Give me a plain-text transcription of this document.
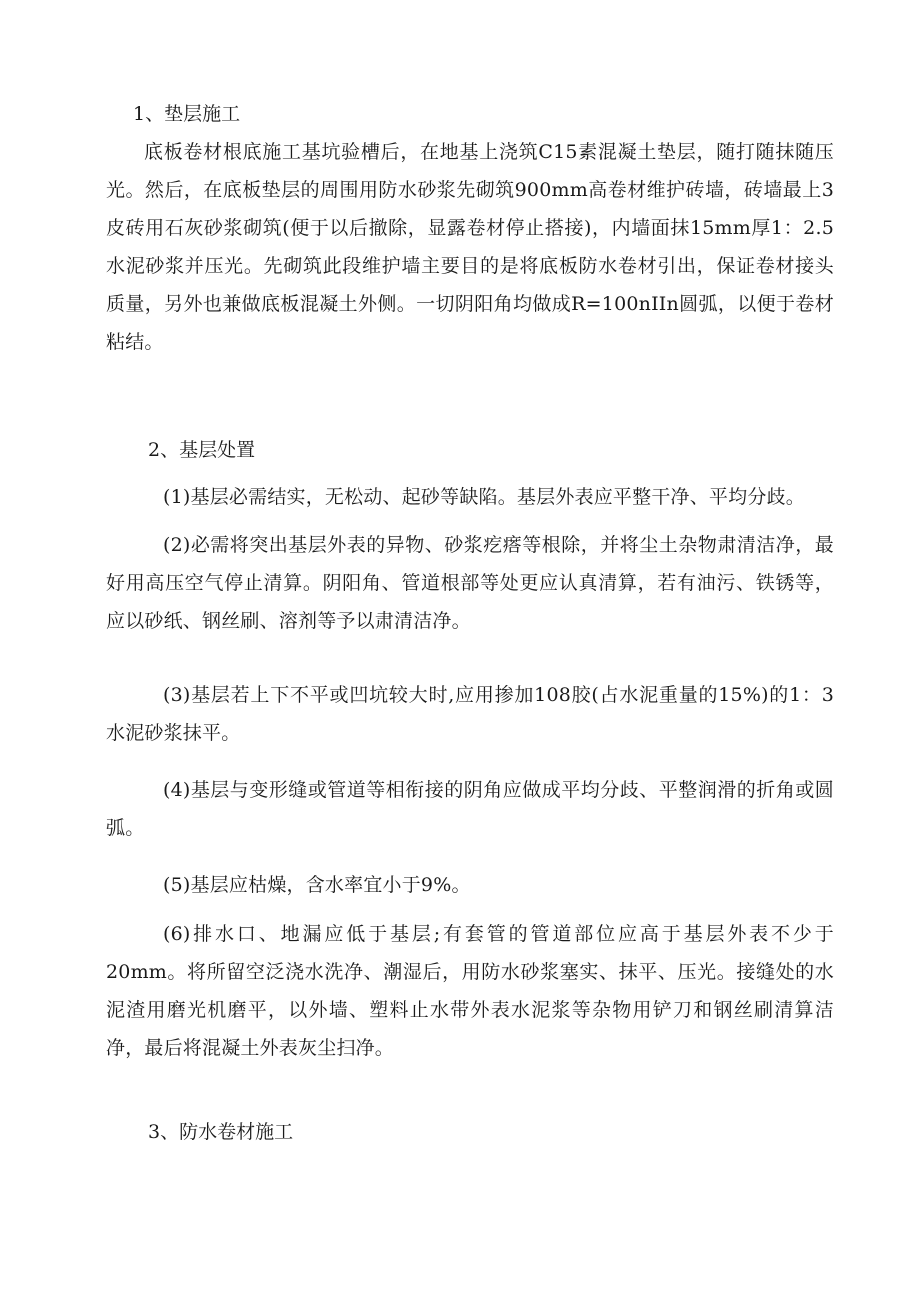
1、垫层施工

底板卷材根底施工基坑验槽后，在地基上浇筑C15素混凝土垫层，随打随抹随压光。然后，在底板垫层的周围用防水砂浆先砌筑900mm高卷材维护砖墙，砖墙最上3皮砖用石灰砂浆砌筑(便于以后撤除，显露卷材停止搭接)，内墙面抹15mm厚1：2.5水泥砂浆并压光。先砌筑此段维护墙主要目的是将底板防水卷材引出，保证卷材接头质量，另外也兼做底板混凝土外侧。一切阴阳角均做成R=100nIIn圆弧，以便于卷材粘结。

2、基层处置

(1)基层必需结实，无松动、起砂等缺陷。基层外表应平整干净、平均分歧。

(2)必需将突出基层外表的异物、砂浆疙瘩等根除，并将尘土杂物肃清洁净，最好用高压空气停止清算。阴阳角、管道根部等处更应认真清算，若有油污、铁锈等，应以砂纸、钢丝刷、溶剂等予以肃清洁净。

(3)基层若上下不平或凹坑较大时,应用掺加108胶(占水泥重量的15%)的1：3水泥砂浆抹平。

(4)基层与变形缝或管道等相衔接的阴角应做成平均分歧、平整润滑的折角或圆弧。

(5)基层应枯燥，含水率宜小于9%。

(6)排水口、地漏应低于基层;有套管的管道部位应高于基层外表不少于20mm。将所留空泛浇水洗净、潮湿后，用防水砂浆塞实、抹平、压光。接缝处的水泥渣用磨光机磨平，以外墙、塑料止水带外表水泥浆等杂物用铲刀和钢丝刷清算洁净，最后将混凝土外表灰尘扫净。

3、防水卷材施工
